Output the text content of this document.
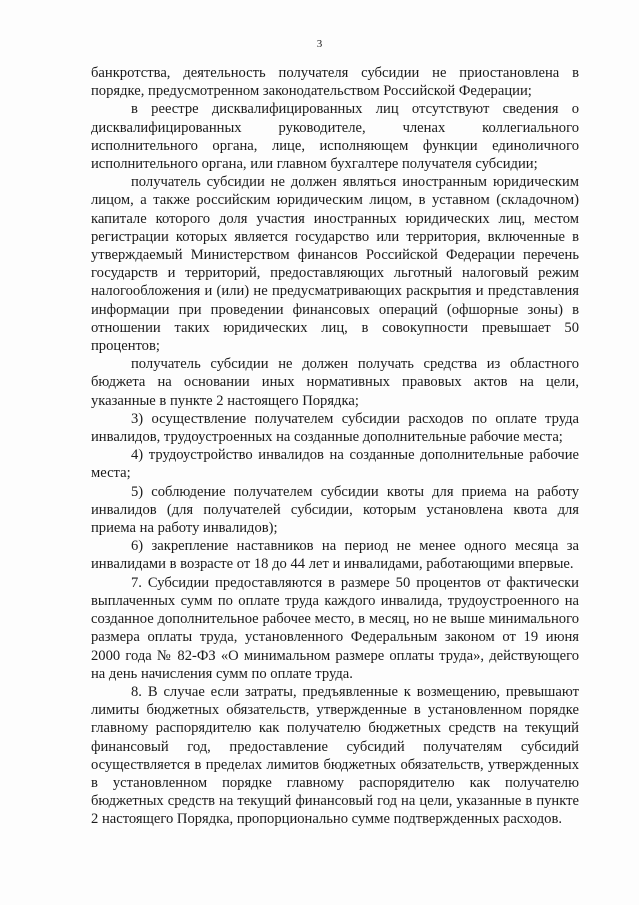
3

банкротства, деятельность получателя субсидии не приостановлена в порядке, предусмотренном законодательством Российской Федерации;

в реестре дисквалифицированных лиц отсутствуют сведения о дисквалифицированных руководителе, членах коллегиального исполнительного органа, лице, исполняющем функции единоличного исполнительного органа, или главном бухгалтере получателя субсидии;

получатель субсидии не должен являться иностранным юридическим лицом, а также российским юридическим лицом, в уставном (складочном) капитале которого доля участия иностранных юридических лиц, местом регистрации которых является государство или территория, включенные в утверждаемый Министерством финансов Российской Федерации перечень государств и территорий, предоставляющих льготный налоговый режим налогообложения и (или) не предусматривающих раскрытия и представления информации при проведении финансовых операций (офшорные зоны) в отношении таких юридических лиц, в совокупности превышает 50 процентов;

получатель субсидии не должен получать средства из областного бюджета на основании иных нормативных правовых актов на цели, указанные в пункте 2 настоящего Порядка;

3) осуществление получателем субсидии расходов по оплате труда инвалидов, трудоустроенных на созданные дополнительные рабочие места;

4) трудоустройство инвалидов на созданные дополнительные рабочие места;

5) соблюдение получателем субсидии квоты для приема на работу инвалидов (для получателей субсидии, которым установлена квота для приема на работу инвалидов);

6) закрепление наставников на период не менее одного месяца за инвалидами в возрасте от 18 до 44 лет и инвалидами, работающими впервые.

7. Субсидии предоставляются в размере 50 процентов от фактически выплаченных сумм по оплате труда каждого инвалида, трудоустроенного на созданное дополнительное рабочее место, в месяц, но не выше минимального размера оплаты труда, установленного Федеральным законом от 19 июня 2000 года № 82-ФЗ «О минимальном размере оплаты труда», действующего на день начисления сумм по оплате труда.

8. В случае если затраты, предъявленные к возмещению, превышают лимиты бюджетных обязательств, утвержденные в установленном порядке главному распорядителю как получателю бюджетных средств на текущий финансовый год, предоставление субсидий получателям субсидий осуществляется в пределах лимитов бюджетных обязательств, утвержденных в установленном порядке главному распорядителю как получателю бюджетных средств на текущий финансовый год на цели, указанные в пункте 2 настоящего Порядка, пропорционально сумме подтвержденных расходов.
